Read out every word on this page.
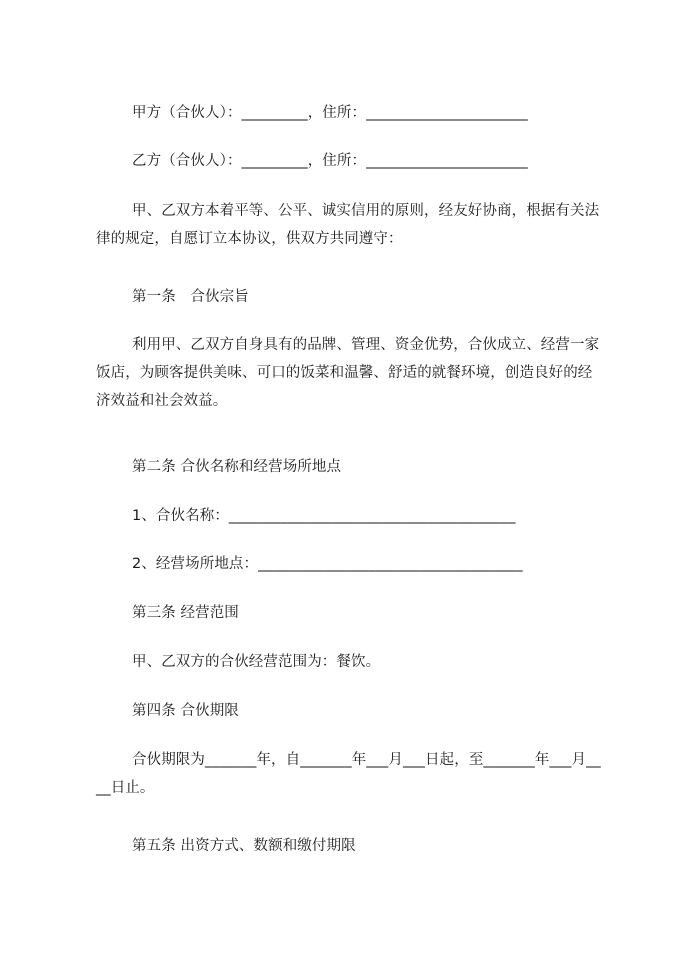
甲方（合伙人）：_________，住所：______________________
乙方（合伙人）：_________，住所：______________________
甲、乙双方本着平等、公平、诚实信用的原则，经友好协商，根据有关法律的规定，自愿订立本协议，供双方共同遵守：
第一条　合伙宗旨
利用甲、乙双方自身具有的品牌、管理、资金优势，合伙成立、经营一家饭店，为顾客提供美味、可口的饭菜和温馨、舒适的就餐环境，创造良好的经济效益和社会效益。
第二条 合伙名称和经营场所地点
1、合伙名称：_______________________________________
2、经营场所地点：____________________________________
第三条 经营范围
甲、乙双方的合伙经营范围为：餐饮。
第四条 合伙期限
合伙期限为_______年，自_______年___月___日起，至_______年___月____日止。
第五条 出资方式、数额和缴付期限
